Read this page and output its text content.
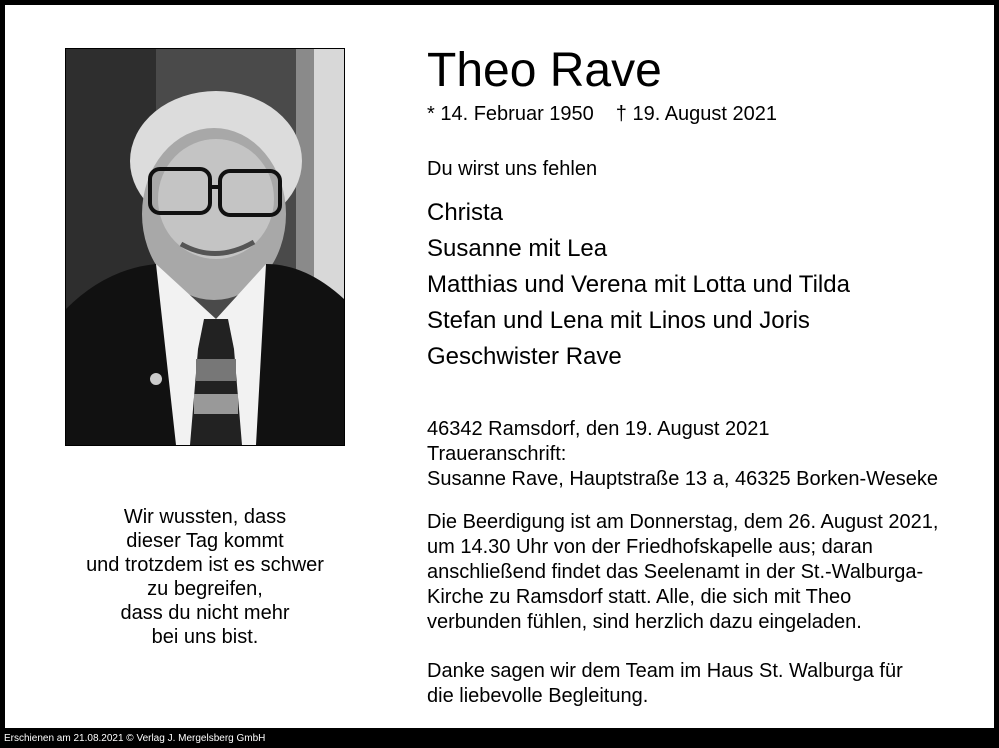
Wir wussten, dass
dieser Tag kommt
und trotzdem ist es schwer
zu begreifen,
dass du nicht mehr
bei uns bist.
Theo Rave
* 14. Februar 1950 † 19. August 2021
Du wirst uns fehlen
Christa
Susanne mit Lea
Matthias und Verena mit Lotta und Tilda
Stefan und Lena mit Linos und Joris
Geschwister Rave
46342 Ramsdorf, den 19. August 2021
Traueranschrift:
Susanne Rave, Hauptstraße 13 a, 46325 Borken-Weseke
Die Beerdigung ist am Donnerstag, dem 26. August 2021,
um 14.30 Uhr von der Friedhofskapelle aus; daran
anschließend findet das Seelenamt in der St.-Walburga-
Kirche zu Ramsdorf statt. Alle, die sich mit Theo
verbunden fühlen, sind herzlich dazu eingeladen.
Danke sagen wir dem Team im Haus St. Walburga für
die liebevolle Begleitung.
Erschienen am 21.08.2021 © Verlag J. Mergelsberg GmbH
